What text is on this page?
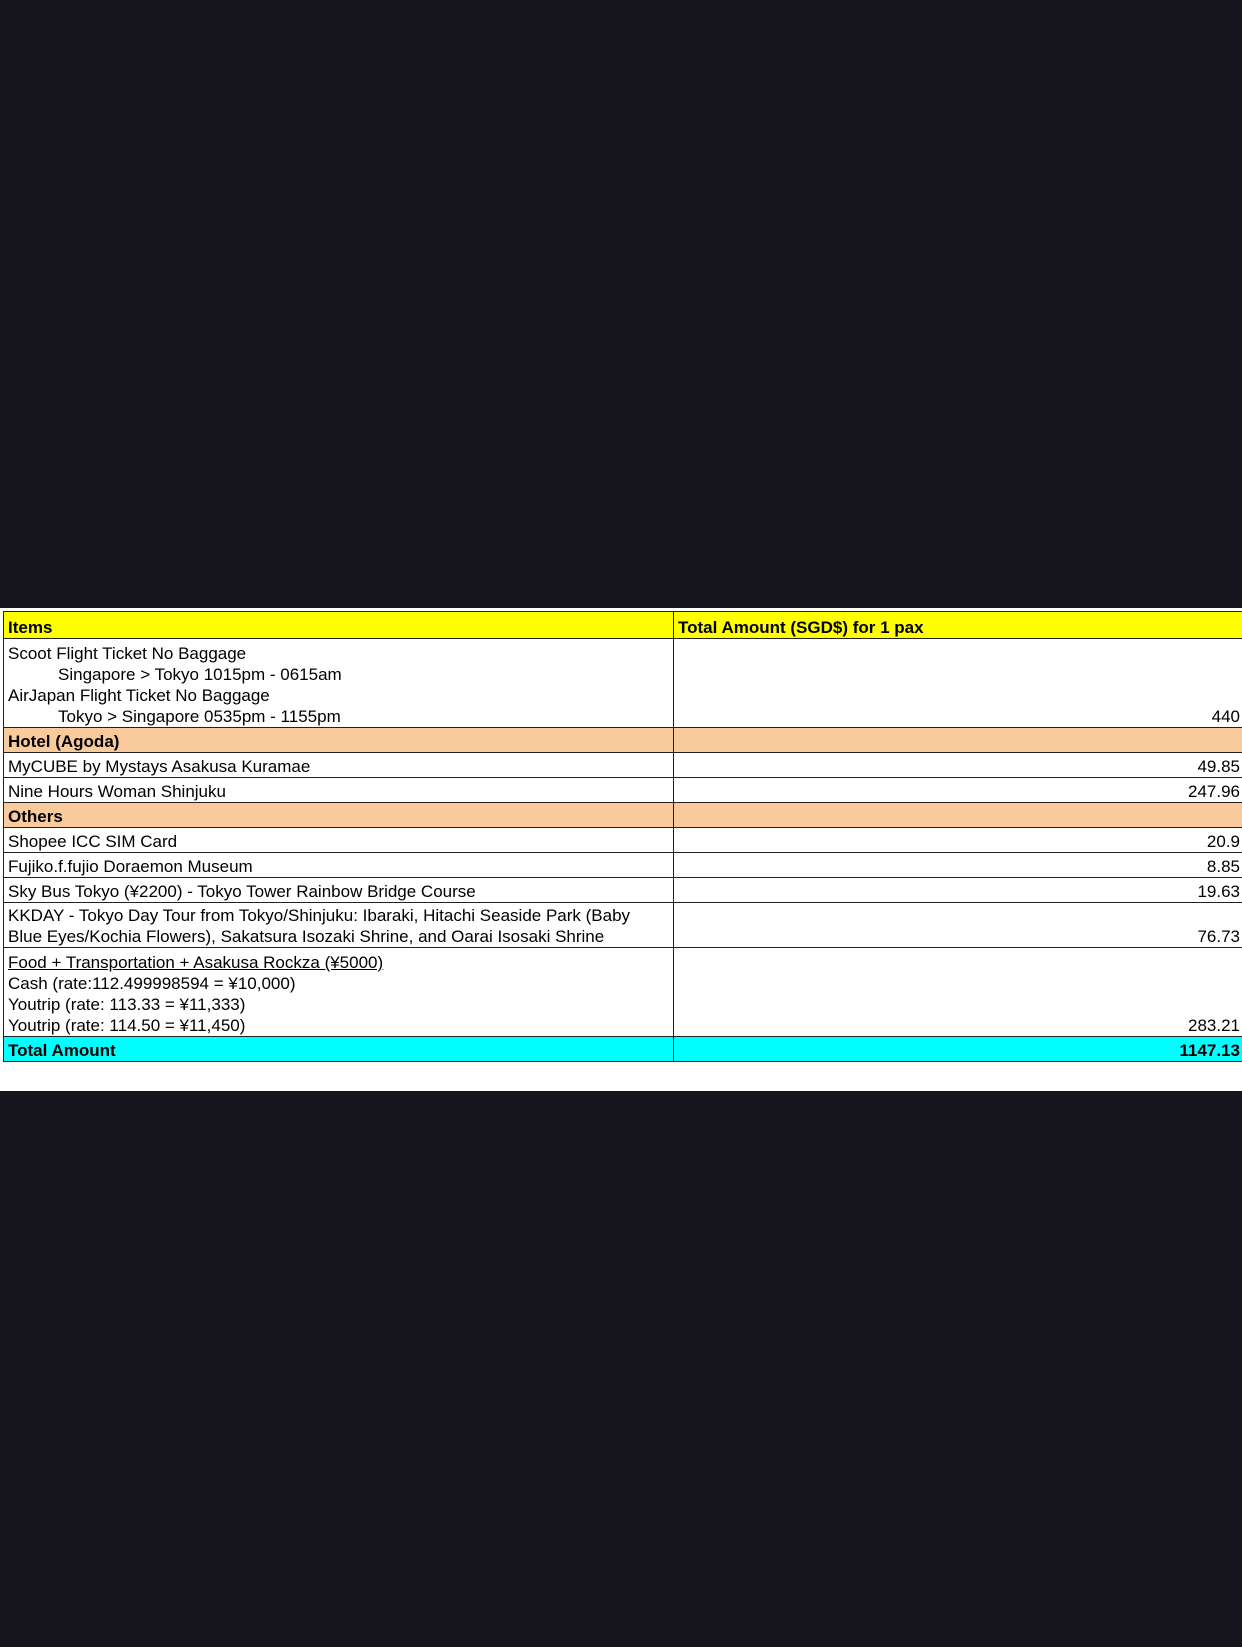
Items	Total Amount (SGD$) for 1 pax

Scoot Flight Ticket No Baggage
Singapore > Tokyo 1015pm - 0615am
AirJapan Flight Ticket No Baggage
Tokyo > Singapore 0535pm - 1155pm	440
Hotel (Agoda)	
MyCUBE by Mystays Asakusa Kuramae	49.85
Nine Hours Woman Shinjuku	247.96
Others	
Shopee ICC SIM Card	20.9
Fujiko.f.fujio Doraemon Museum	8.85
Sky Bus Tokyo (¥2200) - Tokyo Tower Rainbow Bridge Course	19.63

KKDAY - Tokyo Day Tour from Tokyo/Shinjuku: Ibaraki, Hitachi Seaside Park (Baby
Blue Eyes/Kochia Flowers), Sakatsura Isozaki Shrine, and Oarai Isosaki Shrine	76.73

Food + Transportation + Asakusa Rockza (¥5000)
Cash (rate:112.499998594 = ¥10,000)
Youtrip (rate: 113.33 = ¥11,333)
Youtrip (rate: 114.50 = ¥11,450)	283.21
Total Amount	1147.13
